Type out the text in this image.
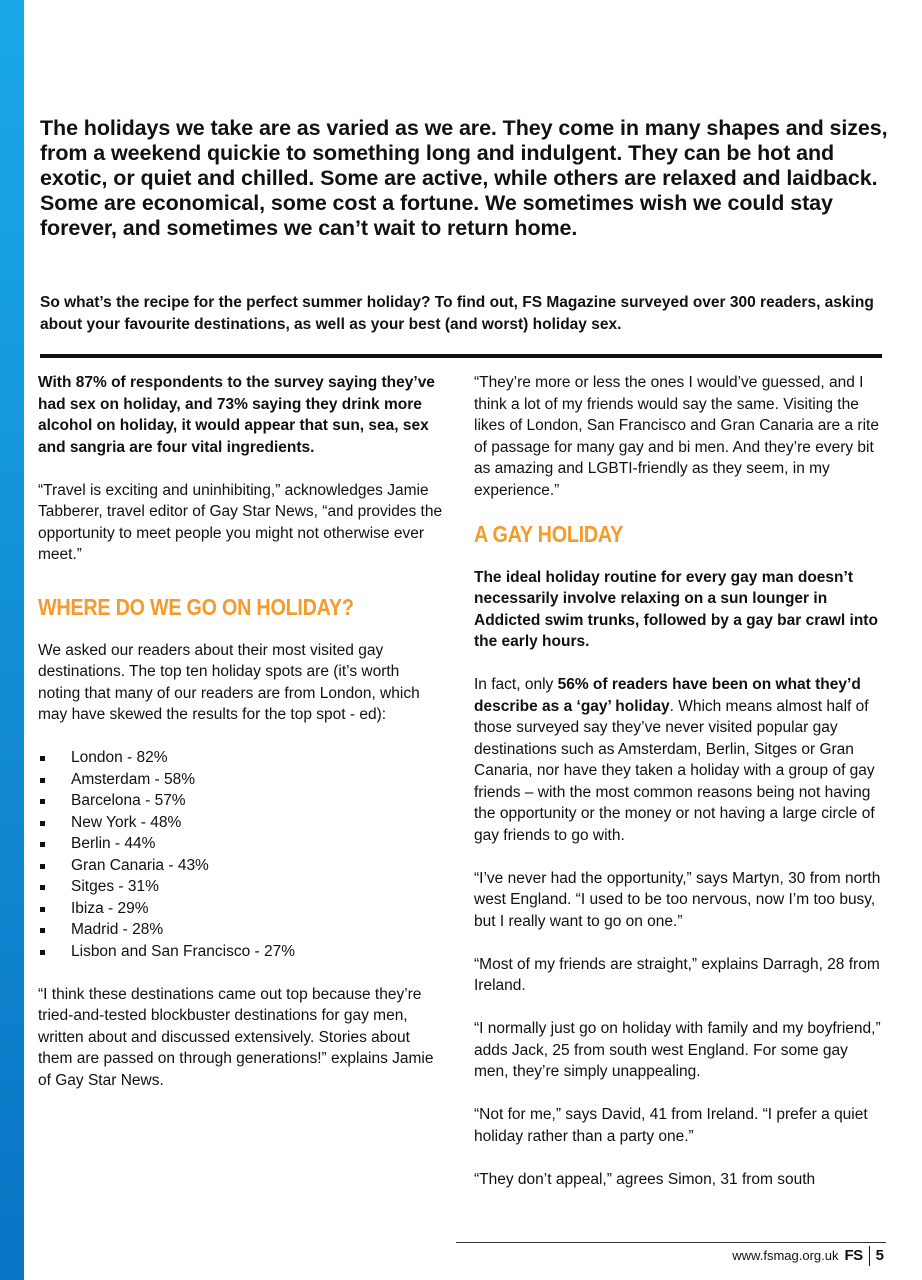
The holidays we take are as varied as we are. They come in many shapes and sizes, from a weekend quickie to something long and indulgent. They can be hot and exotic, or quiet and chilled. Some are active, while others are relaxed and laidback. Some are economical, some cost a fortune. We sometimes wish we could stay forever, and sometimes we can’t wait to return home.
So what’s the recipe for the perfect summer holiday? To find out, FS Magazine surveyed over 300 readers, asking about your favourite destinations, as well as your best (and worst) holiday sex.

With 87% of respondents to the survey saying they’ve had sex on holiday, and 73% saying they drink more alcohol on holiday, it would appear that sun, sea, sex and sangria are four vital ingredients.

“Travel is exciting and uninhibiting,” acknowledges Jamie Tabberer, travel editor of Gay Star News, “and provides the opportunity to meet people you might not otherwise ever meet.”

WHERE DO WE GO ON HOLIDAY?

We asked our readers about their most visited gay destinations. The top ten holiday spots are (it’s worth noting that many of our readers are from London, which may have skewed the results for the top spot - ed):

London - 82%
Amsterdam - 58%
Barcelona - 57%
New York - 48%
Berlin - 44%
Gran Canaria - 43%
Sitges - 31%
Ibiza - 29%
Madrid - 28%
Lisbon and San Francisco - 27%

“I think these destinations came out top because they’re tried-and-tested blockbuster destinations for gay men, written about and discussed extensively. Stories about them are passed on through generations!” explains Jamie of Gay Star News.

“They’re more or less the ones I would’ve guessed, and I think a lot of my friends would say the same. Visiting the likes of London, San Francisco and Gran Canaria are a rite of passage for many gay and bi men. And they’re every bit as amazing and LGBTI-friendly as they seem, in my experience.”

A GAY HOLIDAY

The ideal holiday routine for every gay man doesn’t necessarily involve relaxing on a sun lounger in Addicted swim trunks, followed by a gay bar crawl into the early hours.

In fact, only 56% of readers have been on what they’d describe as a ‘gay’ holiday. Which means almost half of those surveyed say they’ve never visited popular gay destinations such as Amsterdam, Berlin, Sitges or Gran Canaria, nor have they taken a holiday with a group of gay friends – with the most common reasons being not having the opportunity or the money or not having a large circle of gay friends to go with.

“I’ve never had the opportunity,” says Martyn, 30 from north west England. “I used to be too nervous, now I’m too busy, but I really want to go on one.”

“Most of my friends are straight,” explains Darragh, 28 from Ireland.

“I normally just go on holiday with family and my boyfriend,” adds Jack, 25 from south west England. For some gay men, they’re simply unappealing.

“Not for me,” says David, 41 from Ireland. “I prefer a quiet holiday rather than a party one.”

“They don’t appeal,” agrees Simon, 31 from south

www.fsmag.org.uk FS 5
